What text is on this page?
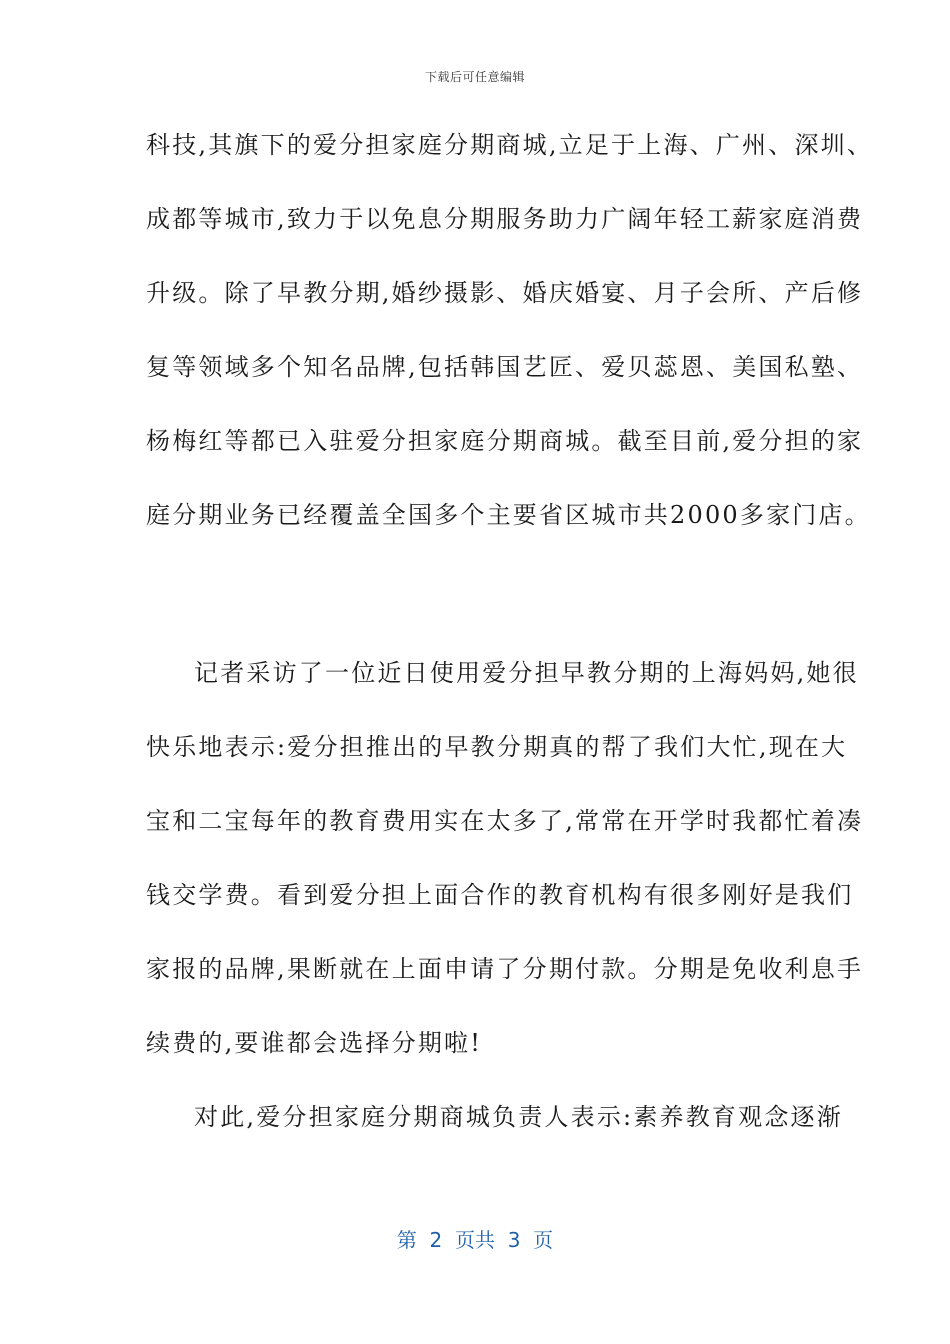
下载后可任意编辑
科技,其旗下的爱分担家庭分期商城,立足于上海、广州、深圳、
成都等城市,致力于以免息分期服务助力广阔年轻工薪家庭消费
升级。除了早教分期,婚纱摄影、婚庆婚宴、月子会所、产后修
复等领域多个知名品牌,包括韩国艺匠、爱贝蕊恩、美国私塾、
杨梅红等都已入驻爱分担家庭分期商城。截至目前,爱分担的家
庭分期业务已经覆盖全国多个主要省区城市共2000多家门店。
记者采访了一位近日使用爱分担早教分期的上海妈妈,她很
快乐地表示:爱分担推出的早教分期真的帮了我们大忙,现在大
宝和二宝每年的教育费用实在太多了,常常在开学时我都忙着凑
钱交学费。看到爱分担上面合作的教育机构有很多刚好是我们
家报的品牌,果断就在上面申请了分期付款。分期是免收利息手
续费的,要谁都会选择分期啦!
对此,爱分担家庭分期商城负责人表示:素养教育观念逐渐
第  2  页共  3  页
